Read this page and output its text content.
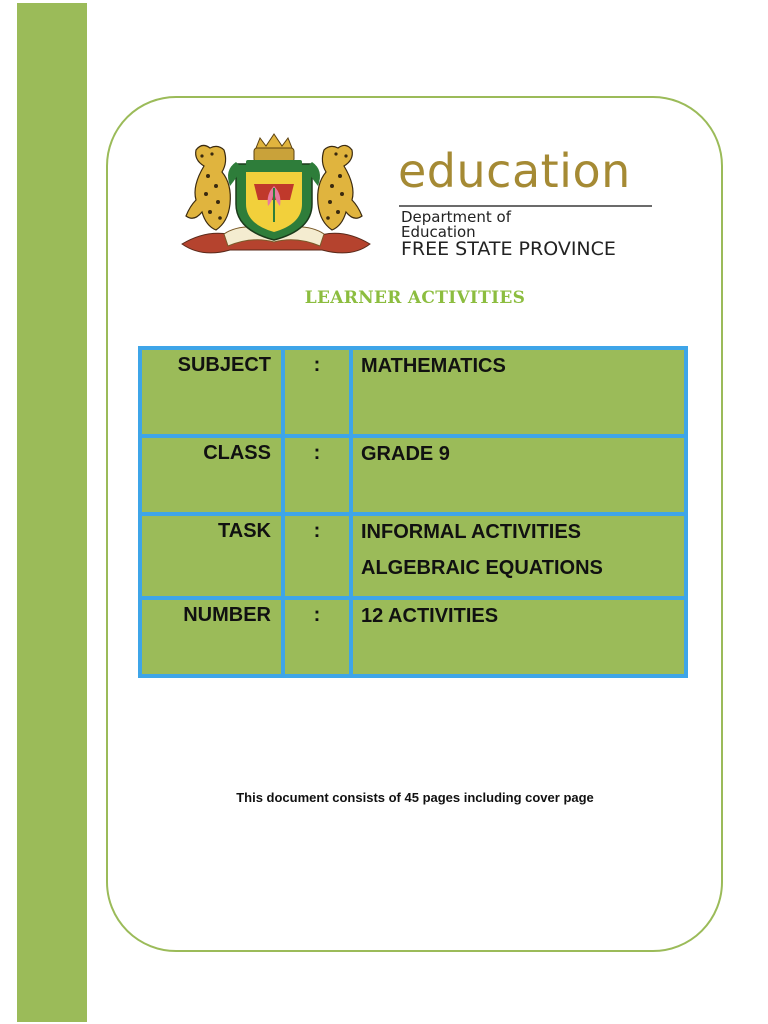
education
Department of
Education
FREE STATE PROVINCE
LEARNER ACTIVITIES
SUBJECT	:	MATHEMATICS

CLASS	:	GRADE 9

TASK	:	INFORMAL ACTIVITIES
ALGEBRAIC EQUATIONS

NUMBER	:	12 ACTIVITIES
This document consists of 45 pages including cover page
